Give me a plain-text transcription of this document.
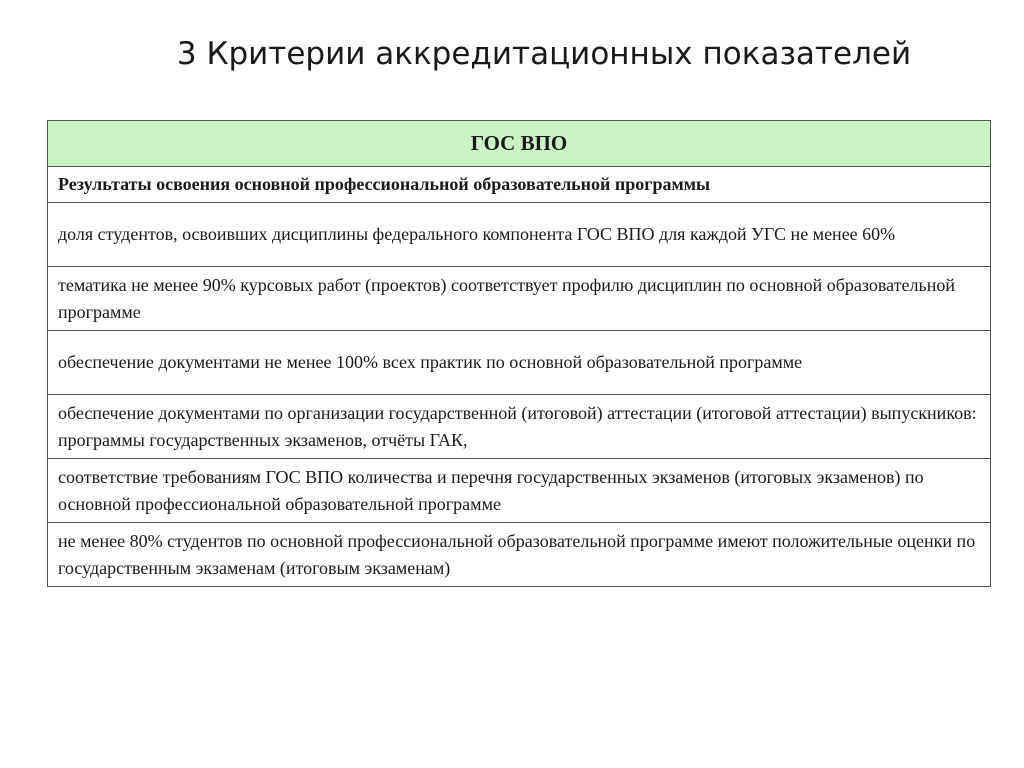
3 Критерии аккредитационных показателей
ГОС ВПО
Результаты освоения основной профессиональной образовательной программы
доля студентов, освоивших дисциплины федерального компонента ГОС ВПО для каждой УГС не менее 60%
тематика не менее 90% курсовых работ (проектов) соответствует профилю дисциплин по основной образовательной программе
обеспечение документами не менее 100% всех практик по основной образовательной программе
обеспечение документами по организации государственной (итоговой) аттестации (итоговой аттестации) выпускников: программы государственных экзаменов, отчёты ГАК,
соответствие требованиям ГОС ВПО количества и перечня государственных экзаменов (итоговых экзаменов) по основной профессиональной образовательной программе
не менее 80% студентов по основной профессиональной образовательной программе имеют положительные оценки по государственным экзаменам (итоговым экзаменам)
